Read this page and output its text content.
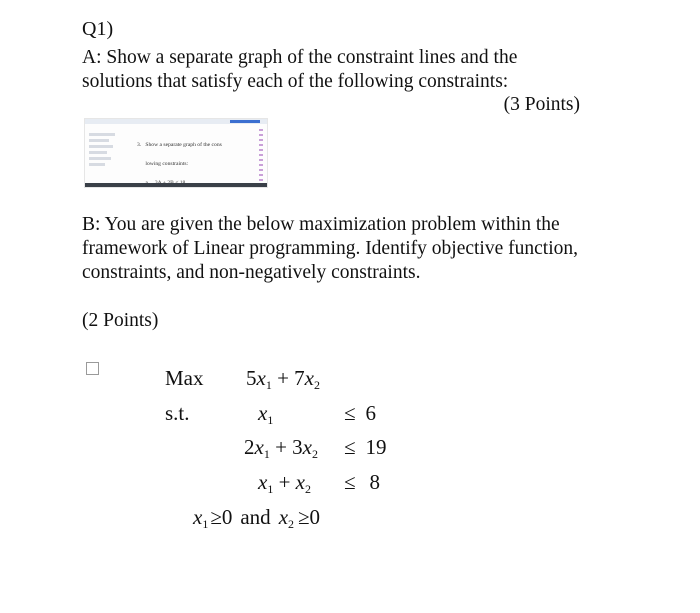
Q1)
A: Show a separate graph of the constraint lines and the
solutions that satisfy each of the following constraints:
(3 Points)

3.   Show a separate graph of the cons

lowing constraints:

B: You are given the below maximization problem within the
framework of Linear programming. Identify objective function,
constraints, and non-negatively constraints.
(2 Points)
Max
s.t.
$5x_1 + 7x_2$
$x_1$	≤ 6
$2x_1 + 3x_2 \le 19$
$x_1 + x_2 \le 8$
$x_1\ge 0$ and $x_2 \ge 0$
